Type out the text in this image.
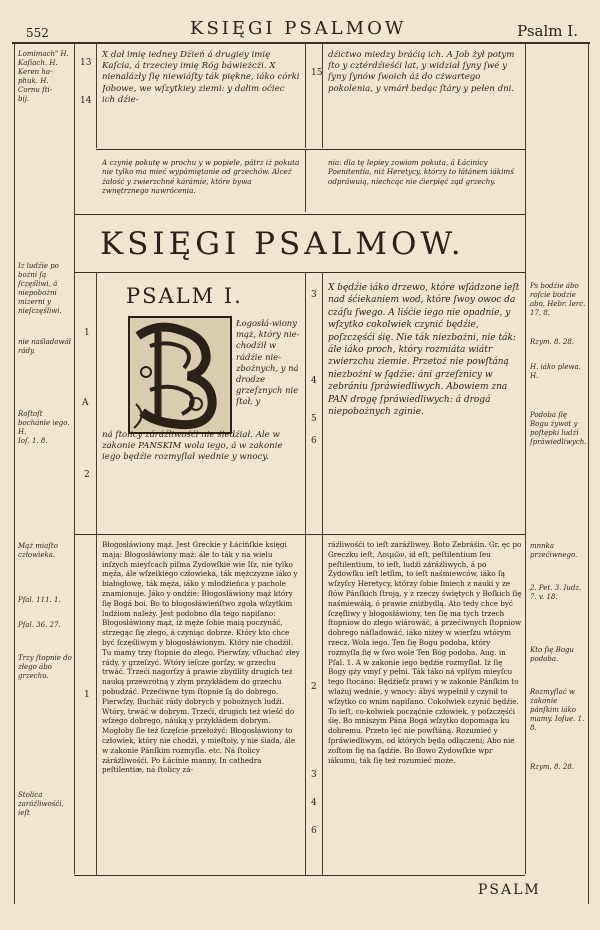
552	KSIĘGI PSALMOW	Psalm I.
Lomimach" H.
Kaſiach. H.
Keren ha-
phuk. H.
Cornu ſti-
bij.
13
14
15
X dał imię iedney Dźień á drugiey imię Kaſcia, á trzeciey imię Róg báwieżcżi. X nienalázły ſię niewiáſty ták piękne, iáko córki Jobowe, we wſzytkiey ziemi: y dałim oćiec ich dźie-
dźictwo miedzy bráćią ich. A Job żył potym ſto y cztérdźieśći lat, y widział ſyny ſwé y ſyny ſynów ſwoich áż do cżwartego pokolenia, y vmárł bedąc ſtáry y pełen dni.
A czynię pokutę w prochu y w popiele, pátrz iż pokuta nie tylko ma mieć wypámiętanie od grzechów. Alceż żałość y zwierzchné kárámie, które bywa zwnętrznego nawrócenia.
nia: dla tę lepiey zowiom pokuta, á Łácinicy Poenitentia, niż Heretycy, którzy to łátánem iákimś odpráwuią, niechcąc nie ćierpięć ząd grzechy.
KSIĘGI PSALMOW.
Iz ludźie po bożni ſą ſczęśliwi, á niepobożni mizerni y nieſczęśliwi.
nie naśladowáł rády.
Roſtoſt bochánie iego. H.
Ioſ. 1. 8.
1
A
2
PSALM I.
Łogosłá-wiony mąż, który nie-chodźił w rádźie nie-zbożnych, y ná drodze grzeſznych nie ſtał, y
ná ſtolicy záráźliwośći nie śiedźiał. Ale w zakonie PANSKIM wola iego, á w zakonie iego będźie rozmyſlał wednie y wnocy.
3
4
5
6
X będźie iáko drzewo, które wſádzone ieſt nad śćiekaniem wod, które ſwoy owoc da czáſu ſwego. A liśćie iego nie opadnie, y wſzytko cokolwiek czynić będźie, poſzczęśći śię. Nie ták niezbożni, nie ták: ále iáko proch, który rozmiáta wiátr zwierzchu ziemie. Przetoż nie powſtáną niezbożni w ſądźie: áni grzeſznicy w zebrániu ſpráwiedliwych. Abowiem zna PAN drogę ſpráwiedliwych: á drogá niepobożnych zginie.
Ps bodźie ábo roſcie bodzie abo. Hebr. Ierc. 17. 8.
Rzym. 8. 28.
H. iáko plewa. H.
Podoba ſię Bogu żywot y poſtępki ludźi ſpráwiedliwych.
Mąż miaſto człowieka.
Pſal. 111. 1.
Pſal. 36. 27.
Trzy ſtopnie do złego ábo grzechu.
Stolica zaráźliwośći, ieſt
1
Błogosłáwiony mąż. Jest Greckie y Łácińſkie księgi mają: Błogosłáwiony maż: ále to ták y na wielu inſzych mieyſcach piſma Zydowſkie wie Iſz, nie tylko męża, ále wſzelkiego człowieka, ták mężczyzne iáko y białogłowę, ták męża, iáko y młodźieńca y pachole znamionuje. Jáko y ondźie: Błogosłáwiony mąż który ſię Bogá boi. Bo to błogosłáwieńſtwo zgoła wſzytkim ludźiom należy. Jest podobno dla tego napiſano: Błogosłáwiony mąż, iż męże ſobie maią poczynáć, strzegąc ſię złego, á czyniąc dobrze. Który kto chce być ſczęśliwym y błogosłáwionym. Który nie chodźił. Tu mamy trzy ſtopnie do złego. Pierwſzy, vſłuchać złey rády, y grzeſzyć. Wtóry ieſcze gorſzy, w grzechu trwáć. Trzeći nagorſzy á prawie zbydlity drugich też nauką przewrotną y złym przykłádem do grzechu pobudzáć. Przećiwne tym ſtopnie ſą do dobrego. Pierwſzy, ſłucháć rády dobrych y pobożnych ludźi. Wtóry, trwáć w dobrym. Trzeći, drugich też wieść do wſzego dobrego, náuką y przykłádem dobrym. Mogłoby ſie też ſczęſcie przełożyć: Błogosłáwiony to człowiek, który nie chodźi, y mieſtoiy, y nie śiada, ále w zakonie Pánſkim rozmyſla. etc. Ná ſtolicy záráźliwośći. Po Łácinie manny, In cathedra peſtilentiæ, ná ſtolicy zá-
2
3
4
6
ráźliwośći to ieſt zaráźliwey. Boto Zebráśin. Gr. ęc po Greczku ieſt, Λοιμῶν, id eſt, peſtilentium ſeu peſtilentium, to ieſt, ludźi záráźliwych, á po Zydowſku ieſt letſim, to ieſt naśmiewców, iáko ſą wſzyſcy Heretycy, którzy ſobie ſmiech z nauki y ze ſłów Pánſkich ſtroją, y z rzeczy świętych y Boſkich ſię naśmiewáią, ó prawie zniżbydlą. Ato tedy chce być ſczęſliwy y błogosłáwiony, ten ſię ma tych trzech ſtopniow do złego wiárowáć, á przećiwnych ſtopniow dobrego náſladowáć, iáko niżey w wierſzu wtórym rzecz. Wola iego. Ten ſię Bogu podoba, który rozmyſla ſię w ſwo wole Ten Bóg podoba. Aug. in Pſal. 1. A w zakonie iego będźie rozmyſlał. Iż ſię Bogy gży vmyſ y pełni. Ták táko ná vplſym mieyſcu tego ſtocáno: Będźieſz prawi y w zakonie Pánſkim to wlażuj wednie, y wnocy: ábyś wypełnił y czynił to wſzytko co wnim napiſano. Cokolwiek czynić będźie. To ieſt, co-kolwiek począćnie człowiek, y poſzczęśći śię. Bo mniszym Pána Bogá wſzytko dopomaga ku dobremu. Przeto ięć nie powſtáną. Rozumieć y ſpráwiedliwym, od których będą odłączeni; Abo nie zoſtom ſię na ſądźie. Bo ſłowo Zydowſkie wpr iákumu, ták ſię też rozumieć może.
mnnka przećiwnego.
2. Pet. 3. Iudz. 7. v. 18.
Kto ſię Bogu podoba.
Rozmyſlać w zakonie pánſkim iáko mamy. Ioſue. 1. 8.
Rzym. 8. 28.
PSALM
